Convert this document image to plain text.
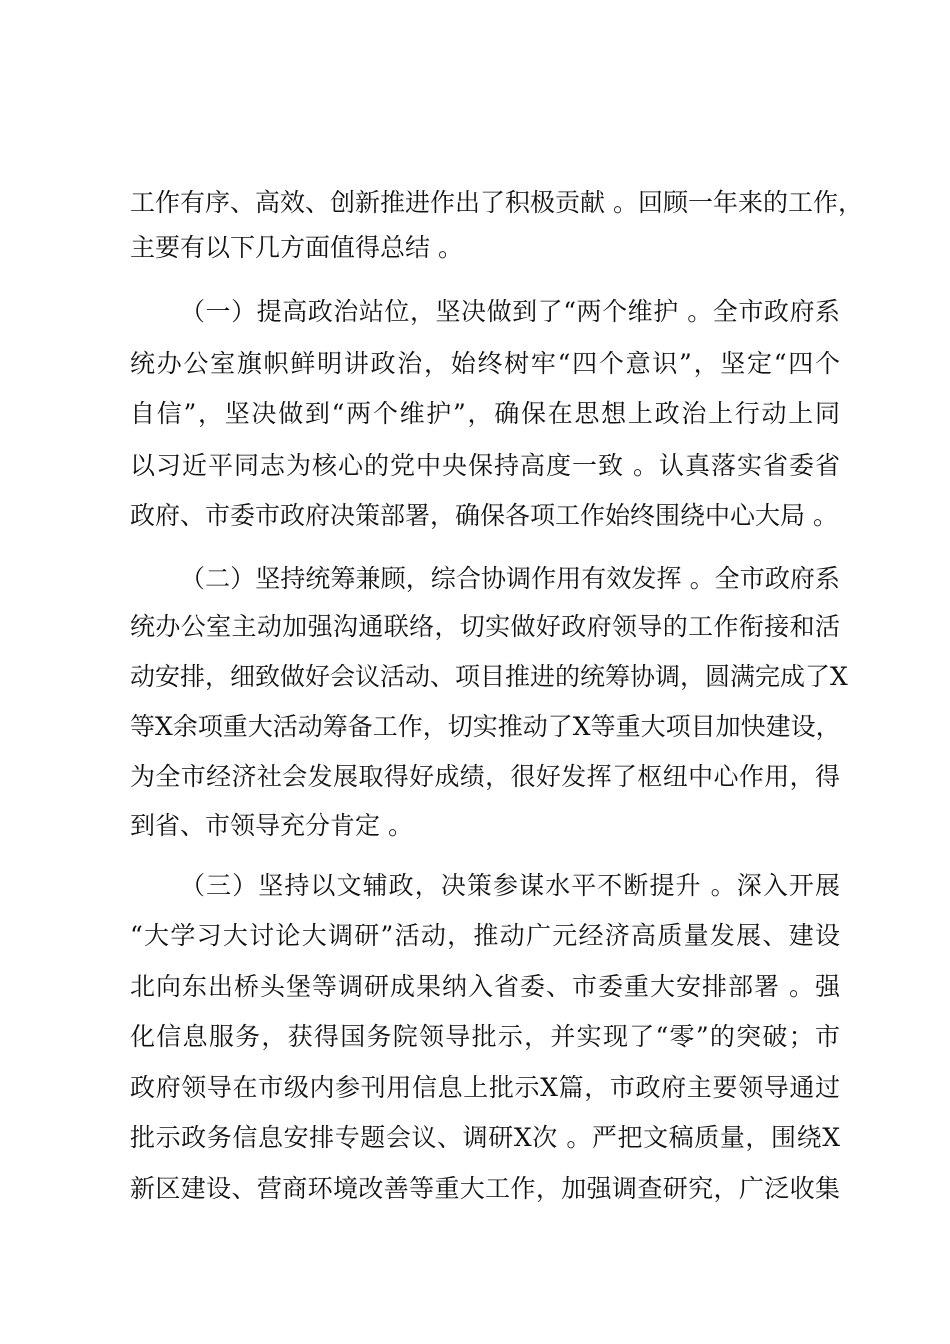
工作有序、高效、创新推进作出了积极贡献 。回顾一年来的工作，

主要有以下几方面值得总结 。

（一）提高政治站位，坚决做到了“两个维护 。全市政府系

统办公室旗帜鲜明讲政治，始终树牢“四个意识”，坚定“四个

自信”，坚决做到“两个维护”，确保在思想上政治上行动上同

以习近平同志为核心的党中央保持高度一致 。认真落实省委省

政府、市委市政府决策部署，确保各项工作始终围绕中心大局 。

（二）坚持统筹兼顾，综合协调作用有效发挥 。全市政府系

统办公室主动加强沟通联络，切实做好政府领导的工作衔接和活

动安排，细致做好会议活动、项目推进的统筹协调，圆满完成了X

等X余项重大活动筹备工作，切实推动了X等重大项目加快建设，

为全市经济社会发展取得好成绩，很好发挥了枢纽中心作用，得

到省、市领导充分肯定 。

（三）坚持以文辅政，决策参谋水平不断提升 。深入开展

“大学习大讨论大调研”活动，推动广元经济高质量发展、建设

北向东出桥头堡等调研成果纳入省委、市委重大安排部署 。强

化信息服务，获得国务院领导批示，并实现了“零”的突破；市

政府领导在市级内参刊用信息上批示X篇，市政府主要领导通过

批示政务信息安排专题会议、调研X次 。严把文稿质量，围绕X

新区建设、营商环境改善等重大工作，加强调查研究，广泛收集
